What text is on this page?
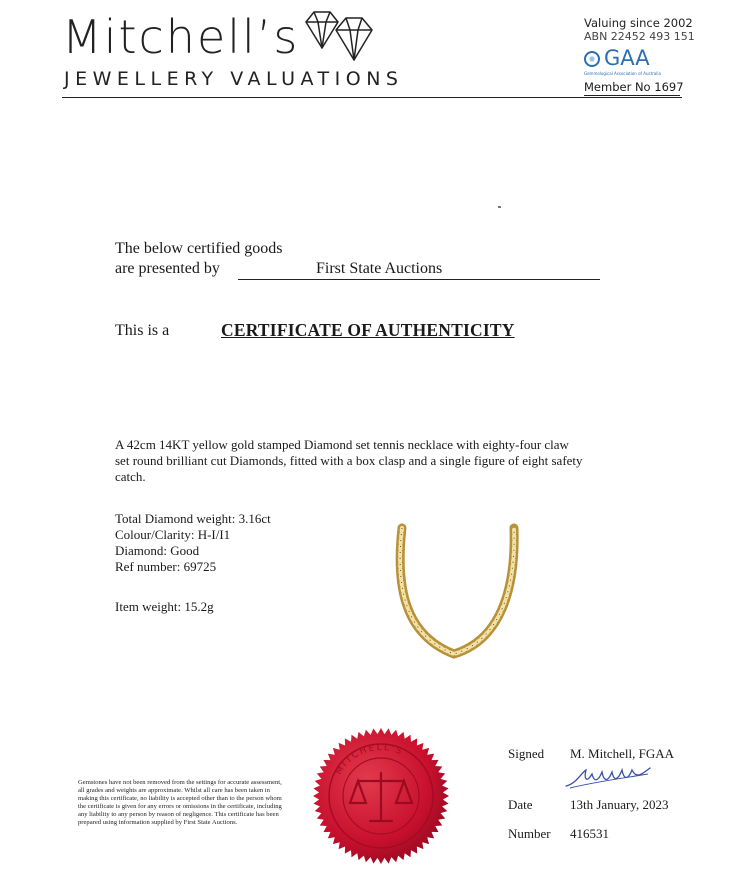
Mitchell’s
JEWELLERY VALUATIONS
Valuing since 2002
ABN 22452 493 151
GAA
Gemmological Association of Australia
Member No 1697
The below certified goods
are presented by	First State Auctions
This is a	CERTIFICATE OF AUTHENTICITY
A 42cm 14KT yellow gold stamped Diamond set tennis necklace with eighty-four claw set round brilliant cut Diamonds, fitted with a box clasp and a single figure of eight safety catch.
Total Diamond weight: 3.16ct
Colour/Clarity: H-I/I1
Diamond: Good
Ref number: 69725
Item weight: 15.2g
MITCHELL'S
Gemstones have not been removed from the settings for accurate assessment, all grades and weights are approximate. Whilst all care has been taken in making this certificate, no liability is accepted other than to the person whom the certificate is given for any errors or omissions in the certificate, including any liability to any person by reason of negligence. This certificate has been prepared using information supplied by First State Auctions.
Signed M. Mitchell, FGAA
Date	13th January, 2023
Number 416531
